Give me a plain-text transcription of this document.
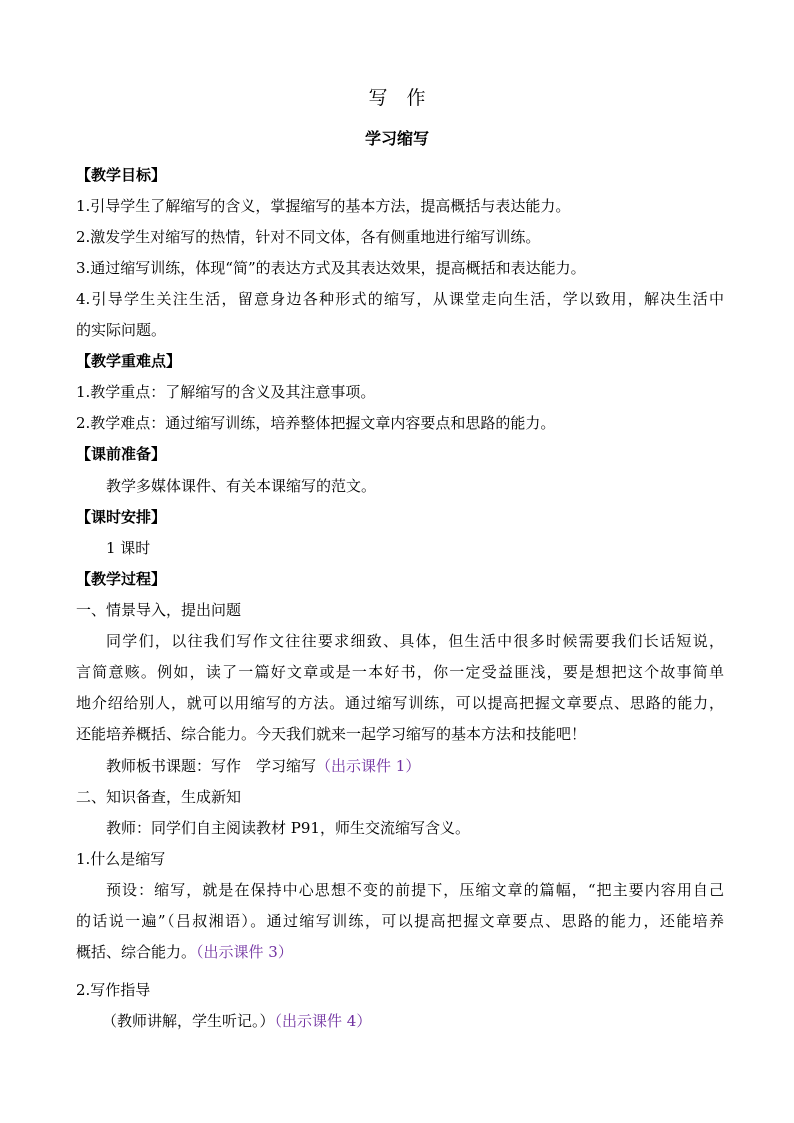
写　作
学习缩写
【教学目标】
1.引导学生了解缩写的含义，掌握缩写的基本方法，提高概括与表达能力。
2.激发学生对缩写的热情，针对不同文体，各有侧重地进行缩写训练。
3.通过缩写训练，体现“简”的表达方式及其表达效果，提高概括和表达能力。
4.引导学生关注生活，留意身边各种形式的缩写，从课堂走向生活，学以致用，解决生活中
的实际问题。
【教学重难点】
1.教学重点：了解缩写的含义及其注意事项。
2.教学难点：通过缩写训练，培养整体把握文章内容要点和思路的能力。
【课前准备】
教学多媒体课件、有关本课缩写的范文。
【课时安排】
1 课时
【教学过程】
一、情景导入，提出问题
同学们，以往我们写作文往往要求细致、具体，但生活中很多时候需要我们长话短说，
言简意赅。例如，读了一篇好文章或是一本好书，你一定受益匪浅，要是想把这个故事简单
地介绍给别人，就可以用缩写的方法。通过缩写训练，可以提高把握文章要点、思路的能力，
还能培养概括、综合能力。今天我们就来一起学习缩写的基本方法和技能吧！
教师板书课题：写作　学习缩写（出示课件 1）
二、知识备查，生成新知
教师：同学们自主阅读教材 P91，师生交流缩写含义。
1.什么是缩写
预设：缩写，就是在保持中心思想不变的前提下，压缩文章的篇幅，“把主要内容用自己
的话说一遍”（吕叔湘语）。通过缩写训练，可以提高把握文章要点、思路的能力，还能培养
概括、综合能力。（出示课件 3）
2.写作指导
（教师讲解，学生听记。）（出示课件 4）
